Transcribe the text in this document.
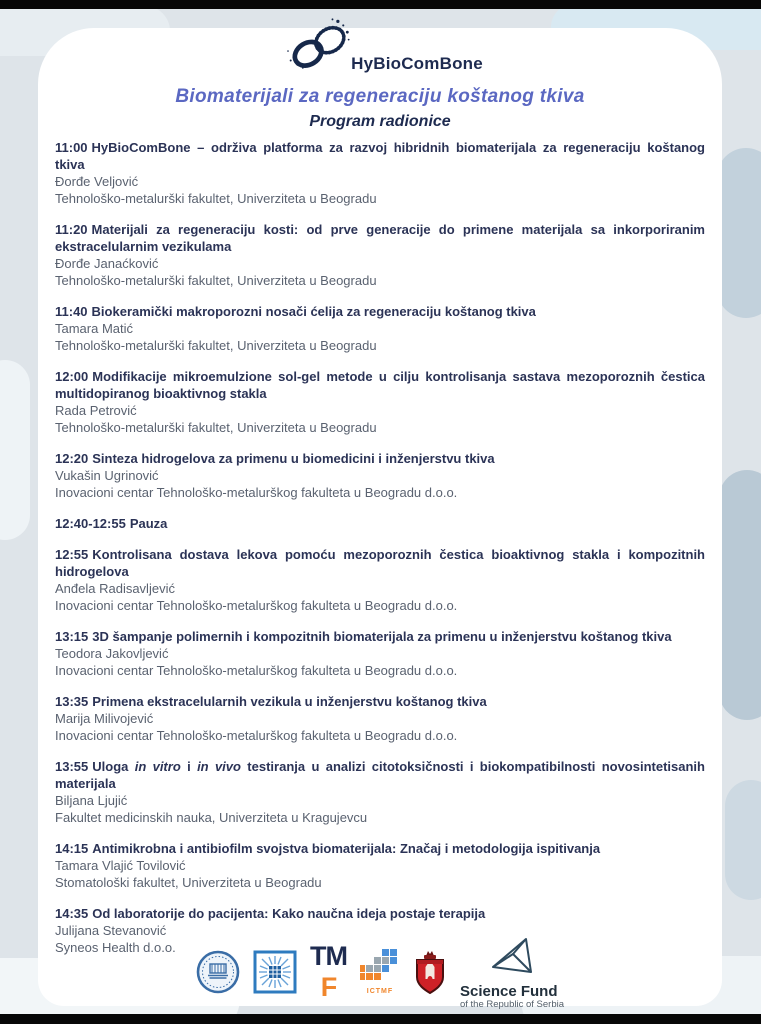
HyBioComBone
Biomaterijali za regeneraciju koštanog tkiva
Program radionice

11:00 HyBioComBone – održiva platforma za razvoj hibridnih biomaterijala za regeneraciju koštanog tkiva

Đorđe Veljović

Tehnološko-metalurški fakultet, Univerziteta u Beogradu

11:20 Materijali za regeneraciju kosti: od prve generacije do primene materijala sa inkorporiranim ekstracelularnim vezikulama

Đorđe Janaćković

Tehnološko-metalurški fakultet, Univerziteta u Beogradu

11:40 Biokeramički makroporozni nosači ćelija za regeneraciju koštanog tkiva

Tamara Matić

Tehnološko-metalurški fakultet, Univerziteta u Beogradu

12:00 Modifikacije mikroemulzione sol-gel metode u cilju kontrolisanja sastava mezoporoznih čestica multidopiranog bioaktivnog stakla

Rada Petrović

Tehnološko-metalurški fakultet, Univerziteta u Beogradu

12:20 Sinteza hidrogelova za primenu u biomedicini i inženjerstvu tkiva

Vukašin Ugrinović

Inovacioni centar Tehnološko-metalurškog fakulteta u Beogradu d.o.o.

12:40-12:55 Pauza

12:55 Kontrolisana dostava lekova pomoću mezoporoznih čestica bioaktivnog stakla i kompozitnih hidrogelova

Anđela Radisavljević

Inovacioni centar Tehnološko-metalurškog fakulteta u Beogradu d.o.o.

13:15 3D šampanje polimernih i kompozitnih biomaterijala za primenu u inženjerstvu koštanog tkiva

Teodora Jakovljević

Inovacioni centar Tehnološko-metalurškog fakulteta u Beogradu d.o.o.

13:35 Primena ekstracelularnih vezikula u inženjerstvu koštanog tkiva

Marija Milivojević

Inovacioni centar Tehnološko-metalurškog fakulteta u Beogradu d.o.o.

13:55 Uloga in vitro i in vivo testiranja u analizi citotoksičnosti i biokompatibilnosti novosintetisanih materijala

Biljana Ljujić

Fakultet medicinskih nauka, Univerziteta u Kragujevcu

14:15 Antimikrobna i antibiofilm svojstva biomaterijala: Značaj i metodologija ispitivanja

Tamara Vlajić Tovilović

Stomatološki fakultet, Univerziteta u Beogradu

14:35 Od laboratorije do pacijenta: Kako naučna ideja postaje terapija

Julijana Stevanović

Syneos Health d.o.o.	TM
F	ICTMF	Science Fund
of the Republic of Serbia
